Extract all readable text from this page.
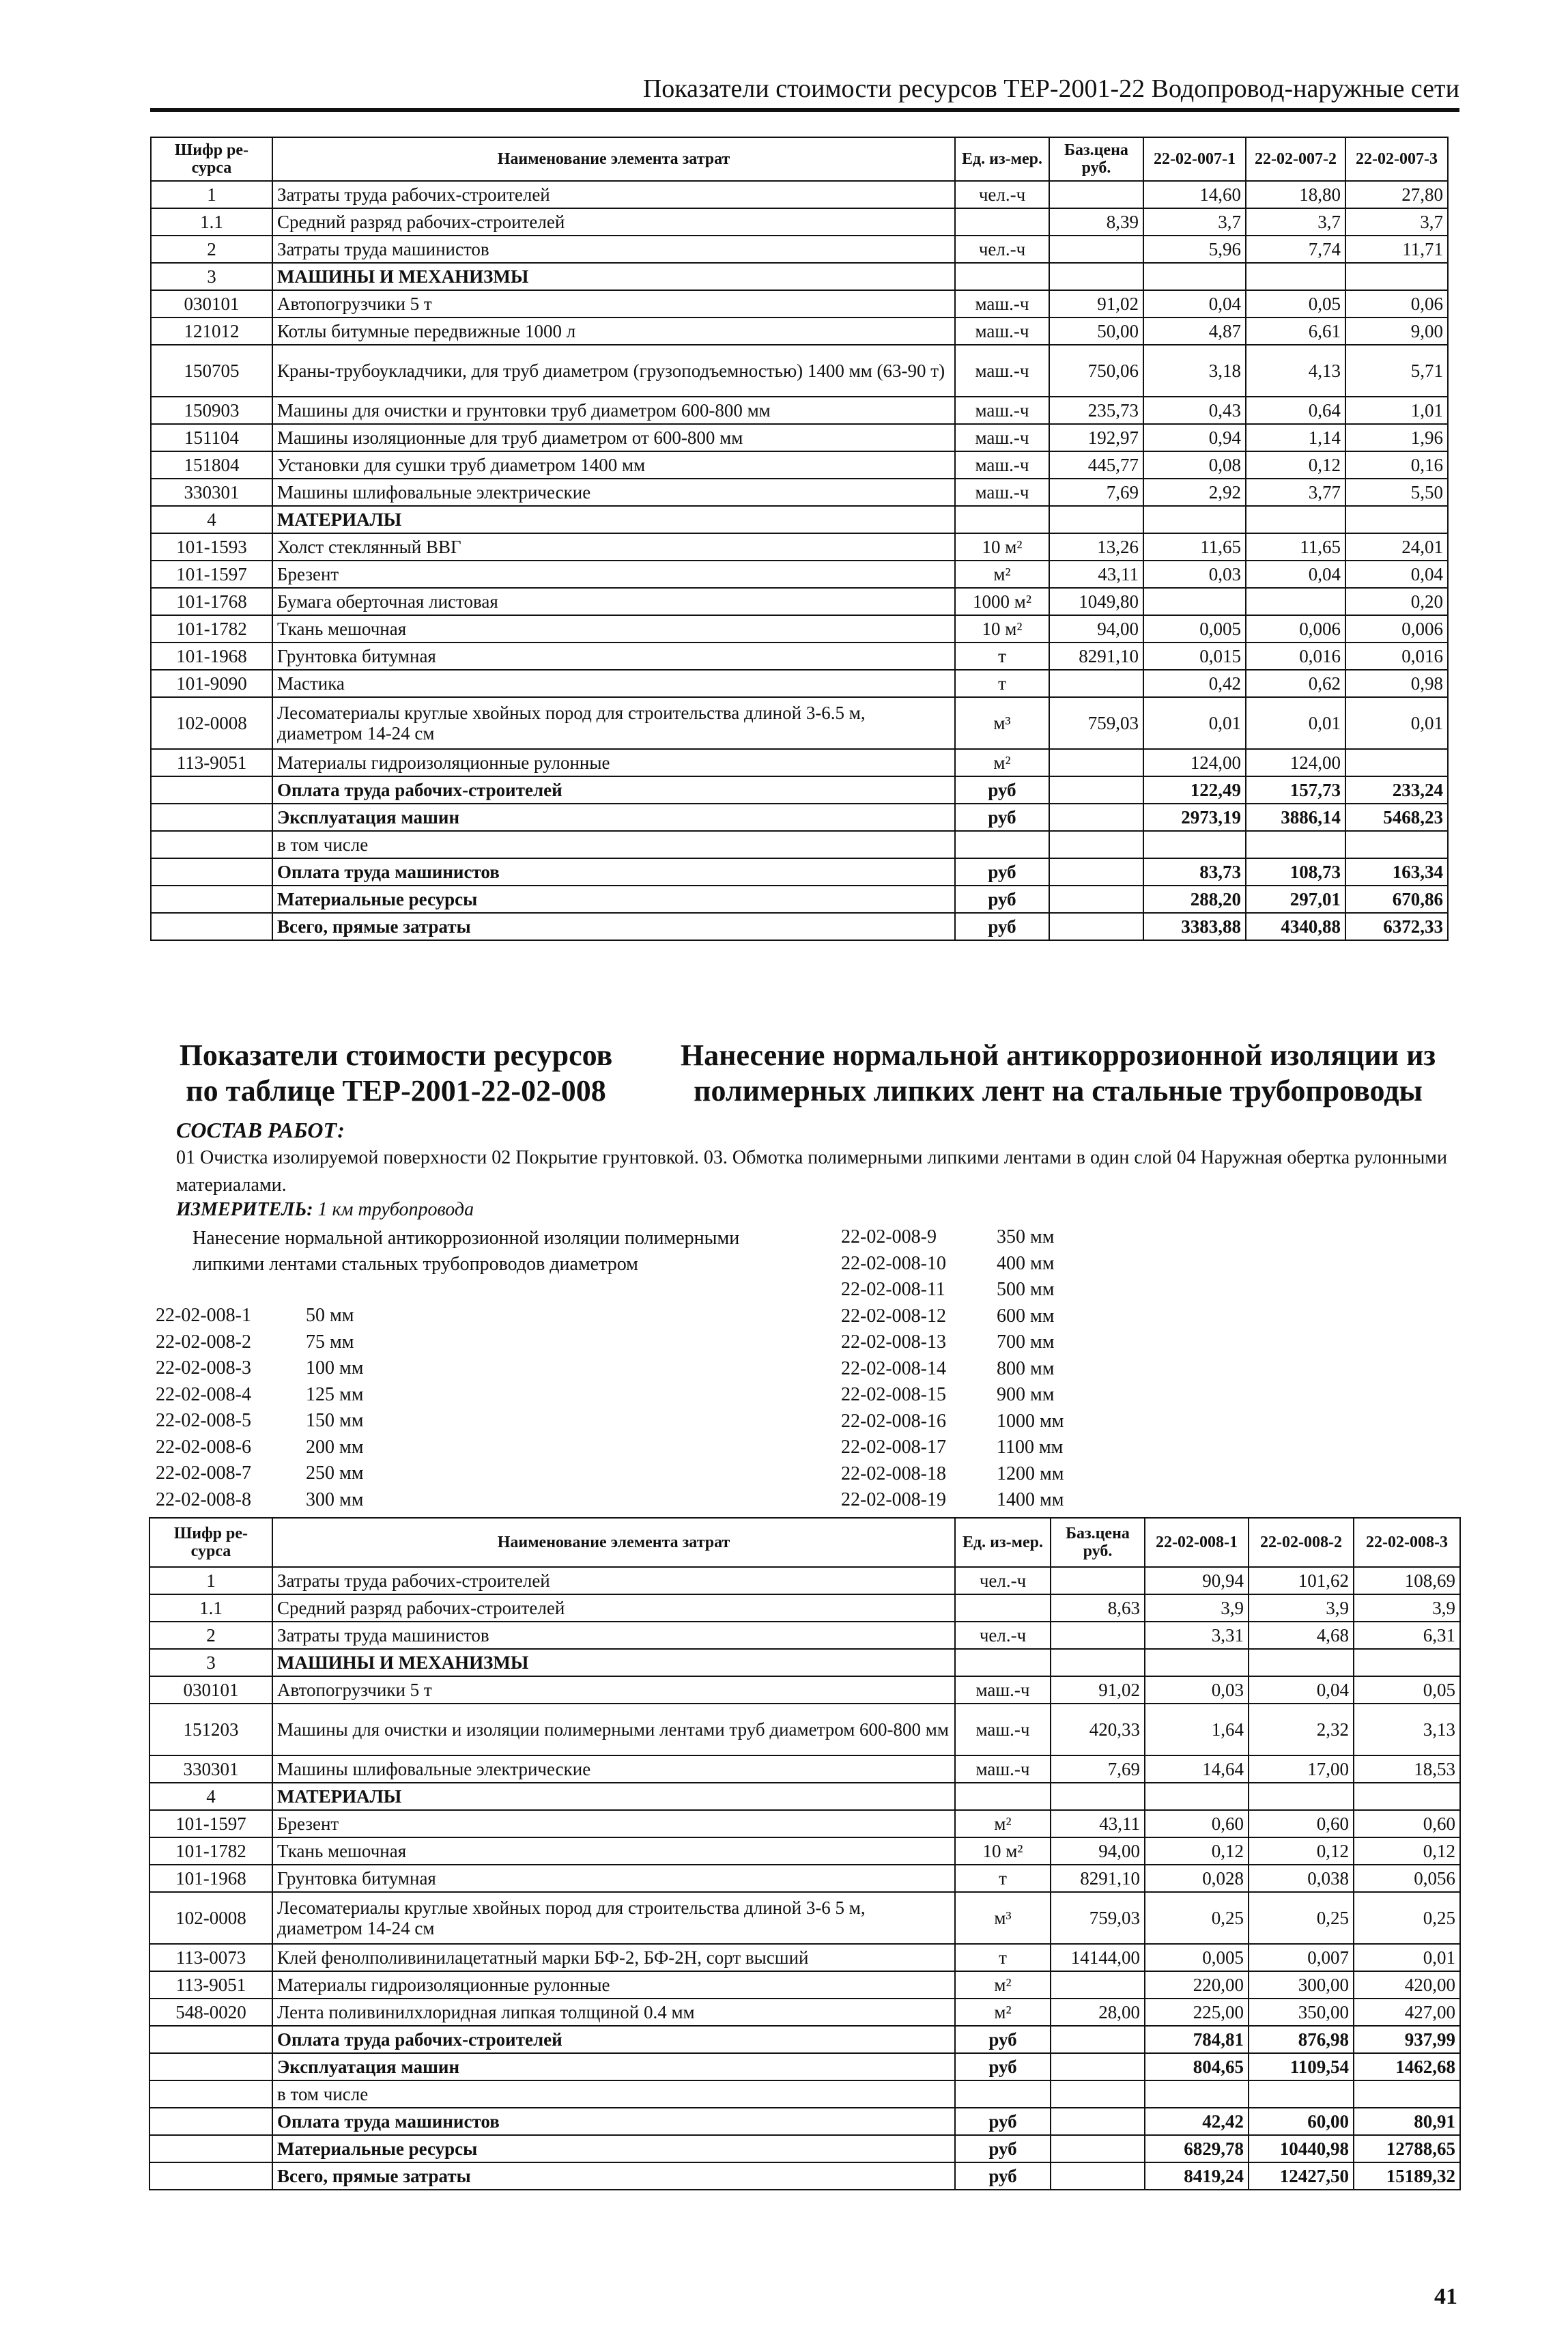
Показатели стоимости ресурсов ТЕР-2001-22 Водопровод-наружные сети
Шифр ре-сурса	Наименование элемента затрат	Ед. из-мер.	Баз.цена руб.	22-02-007-1	22-02-007-2	22-02-007-3
1	Затраты труда рабочих-строителей	чел.-ч		14,60	18,80	27,80
1.1	Средний разряд рабочих-строителей		8,39	3,7	3,7	3,7
2	Затраты труда машинистов	чел.-ч		5,96	7,74	11,71
3	МАШИНЫ И МЕХАНИЗМЫ					
030101	Автопогрузчики 5 т	маш.-ч	91,02	0,04	0,05	0,06
121012	Котлы битумные передвижные 1000 л	маш.-ч	50,00	4,87	6,61	9,00
150705	Краны-трубоукладчики, для труб диаметром (грузоподъемностью) 1400 мм (63-90 т)	маш.-ч	750,06	3,18	4,13	5,71
150903	Машины для очистки и грунтовки труб диаметром 600-800 мм	маш.-ч	235,73	0,43	0,64	1,01
151104	Машины изоляционные для труб диаметром от 600-800 мм	маш.-ч	192,97	0,94	1,14	1,96
151804	Установки для сушки труб диаметром 1400 мм	маш.-ч	445,77	0,08	0,12	0,16
330301	Машины шлифовальные электрические	маш.-ч	7,69	2,92	3,77	5,50
4	МАТЕРИАЛЫ					
101-1593	Холст стеклянный ВВГ	10 м²	13,26	11,65	11,65	24,01
101-1597	Брезент	м²	43,11	0,03	0,04	0,04
101-1768	Бумага оберточная листовая	1000 м²	1049,80			0,20
101-1782	Ткань мешочная	10 м²	94,00	0,005	0,006	0,006
101-1968	Грунтовка битумная	т	8291,10	0,015	0,016	0,016
101-9090	Мастика	т		0,42	0,62	0,98
102-0008	Лесоматериалы круглые хвойных пород для строительства длиной 3-6.5 м, диаметром 14-24 см	м³	759,03	0,01	0,01	0,01
113-9051	Материалы гидроизоляционные рулонные	м²		124,00	124,00	
	Оплата труда рабочих-строителей	руб		122,49	157,73	233,24
	Эксплуатация машин	руб		2973,19	3886,14	5468,23
	в том числе					
	Оплата труда машинистов	руб		83,73	108,73	163,34
	Материальные ресурсы	руб		288,20	297,01	670,86
	Всего, прямые затраты	руб		3383,88	4340,88	6372,33
Показатели стоимости ресурсов по таблице ТЕР-2001-22-02-008
Нанесение нормальной антикоррозионной изоляции из полимерных липких лент на стальные трубопроводы
СОСТАВ РАБОТ:
01 Очистка изолируемой поверхности 02 Покрытие грунтовкой. 03. Обмотка полимерными липкими лентами в один слой 04 Наружная обертка рулонными материалами.
ИЗМЕРИТЕЛЬ: 1 км трубопровода
Нанесение нормальной антикоррозионной изоляции полимерными липкими лентами стальных трубопроводов диаметром
22-02-008-1	50 мм
22-02-008-2	75 мм
22-02-008-3	100 мм
22-02-008-4	125 мм
22-02-008-5	150 мм
22-02-008-6	200 мм
22-02-008-7	250 мм
22-02-008-8	300 мм
22-02-008-9	350 мм
22-02-008-10	400 мм
22-02-008-11	500 мм
22-02-008-12	600 мм
22-02-008-13	700 мм
22-02-008-14	800 мм
22-02-008-15	900 мм
22-02-008-16	1000 мм
22-02-008-17	1100 мм
22-02-008-18	1200 мм
22-02-008-19	1400 мм
Шифр ре-сурса	Наименование элемента затрат	Ед. из-мер.	Баз.цена руб.	22-02-008-1	22-02-008-2	22-02-008-3
1	Затраты труда рабочих-строителей	чел.-ч		90,94	101,62	108,69
1.1	Средний разряд рабочих-строителей		8,63	3,9	3,9	3,9
2	Затраты труда машинистов	чел.-ч		3,31	4,68	6,31
3	МАШИНЫ И МЕХАНИЗМЫ					
030101	Автопогрузчики 5 т	маш.-ч	91,02	0,03	0,04	0,05
151203	Машины для очистки и изоляции полимерными лентами труб диаметром 600-800 мм	маш.-ч	420,33	1,64	2,32	3,13
330301	Машины шлифовальные электрические	маш.-ч	7,69	14,64	17,00	18,53
4	МАТЕРИАЛЫ					
101-1597	Брезент	м²	43,11	0,60	0,60	0,60
101-1782	Ткань мешочная	10 м²	94,00	0,12	0,12	0,12
101-1968	Грунтовка битумная	т	8291,10	0,028	0,038	0,056
102-0008	Лесоматериалы круглые хвойных пород для строительства длиной 3-6 5 м, диаметром 14-24 см	м³	759,03	0,25	0,25	0,25
113-0073	Клей фенолполивинилацетатный марки БФ-2, БФ-2Н, сорт высший	т	14144,00	0,005	0,007	0,01
113-9051	Материалы гидроизоляционные рулонные	м²		220,00	300,00	420,00
548-0020	Лента поливинилхлоридная липкая толщиной 0.4 мм	м²	28,00	225,00	350,00	427,00
	Оплата труда рабочих-строителей	руб		784,81	876,98	937,99
	Эксплуатация машин	руб		804,65	1109,54	1462,68
	в том числе					
	Оплата труда машинистов	руб		42,42	60,00	80,91
	Материальные ресурсы	руб		6829,78	10440,98	12788,65
	Всего, прямые затраты	руб		8419,24	12427,50	15189,32
41
